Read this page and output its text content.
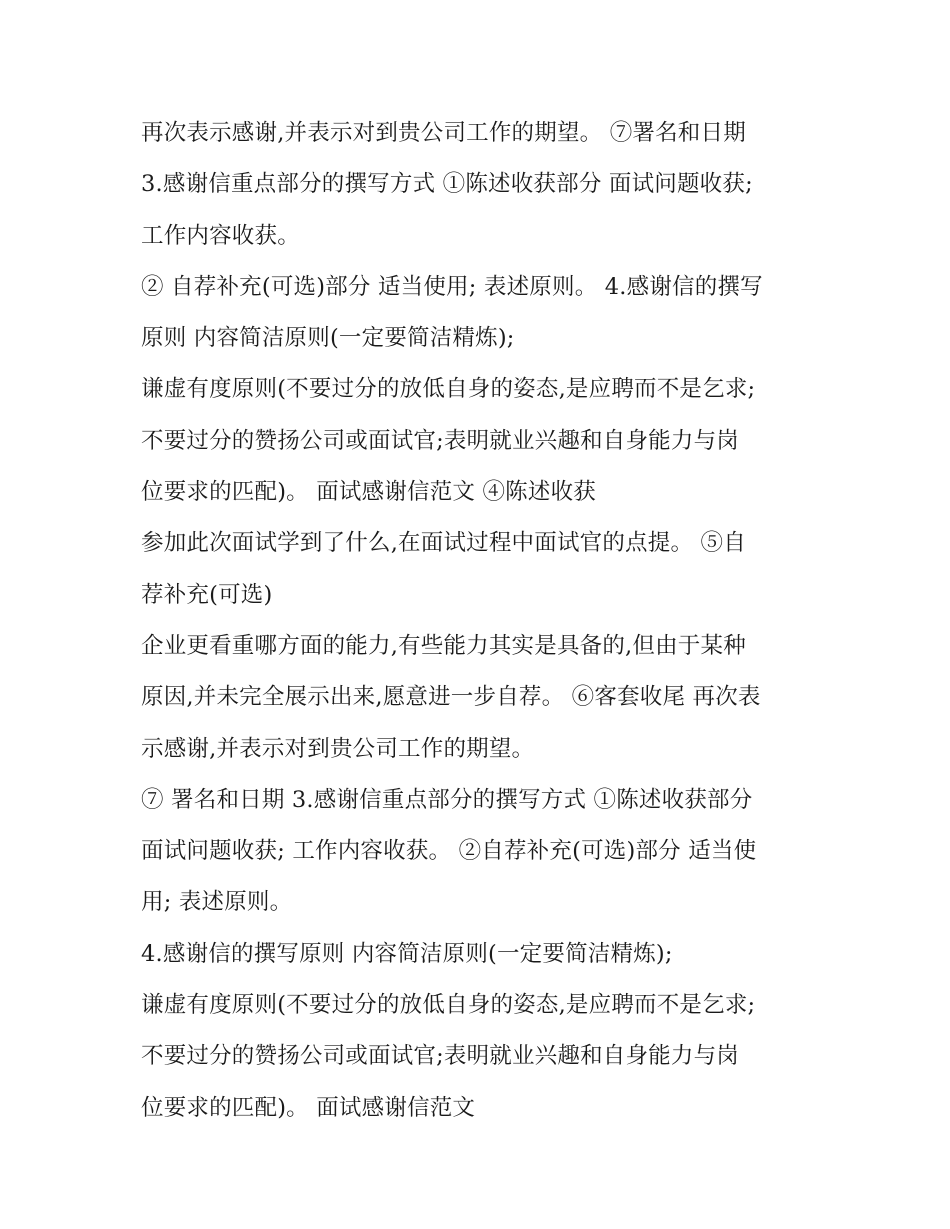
再次表示感谢,并表示对到贵公司工作的期望。 ⑦署名和日期
3.感谢信重点部分的撰写方式 ①陈述收获部分 面试问题收获;
工作内容收获。
② 自荐补充(可选)部分 适当使用; 表述原则。 4.感谢信的撰写
原则 内容简洁原则(一定要简洁精炼);
谦虚有度原则(不要过分的放低自身的姿态,是应聘而不是乞求;
不要过分的赞扬公司或面试官;表明就业兴趣和自身能力与岗
位要求的匹配)。 面试感谢信范文 ④陈述收获
参加此次面试学到了什么,在面试过程中面试官的点提。 ⑤自
荐补充(可选)
企业更看重哪方面的能力,有些能力其实是具备的,但由于某种
原因,并未完全展示出来,愿意进一步自荐。 ⑥客套收尾 再次表
示感谢,并表示对到贵公司工作的期望。
⑦ 署名和日期 3.感谢信重点部分的撰写方式 ①陈述收获部分
面试问题收获; 工作内容收获。 ②自荐补充(可选)部分 适当使
用; 表述原则。
4.感谢信的撰写原则 内容简洁原则(一定要简洁精炼);
谦虚有度原则(不要过分的放低自身的姿态,是应聘而不是乞求;
不要过分的赞扬公司或面试官;表明就业兴趣和自身能力与岗
位要求的匹配)。 面试感谢信范文
